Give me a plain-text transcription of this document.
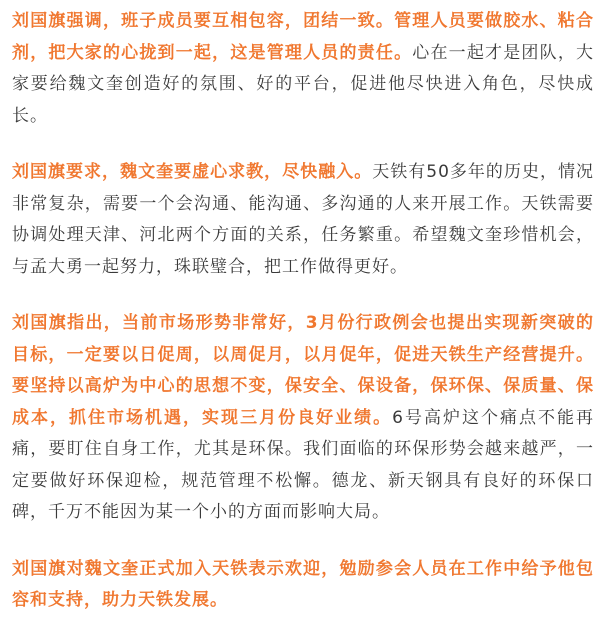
刘国旗强调，班子成员要互相包容，团结一致。管理人员要做胶水、粘合剂，把大家的心拢到一起，这是管理人员的责任。心在一起才是团队，大家要给魏文奎创造好的氛围、好的平台，促进他尽快进入角色，尽快成长。

刘国旗要求，魏文奎要虚心求教，尽快融入。天铁有50多年的历史，情况非常复杂，需要一个会沟通、能沟通、多沟通的人来开展工作。天铁需要协调处理天津、河北两个方面的关系，任务繁重。希望魏文奎珍惜机会，与孟大勇一起努力，珠联璧合，把工作做得更好。

刘国旗指出，当前市场形势非常好，3月份行政例会也提出实现新突破的目标，一定要以日促周，以周促月，以月促年，促进天铁生产经营提升。要坚持以高炉为中心的思想不变，保安全、保设备，保环保、保质量、保成本，抓住市场机遇，实现三月份良好业绩。6号高炉这个痛点不能再痛，要盯住自身工作，尤其是环保。我们面临的环保形势会越来越严，一定要做好环保迎检，规范管理不松懈。德龙、新天钢具有良好的环保口碑，千万不能因为某一个小的方面而影响大局。

刘国旗对魏文奎正式加入天铁表示欢迎，勉励参会人员在工作中给予他包容和支持，助力天铁发展。
